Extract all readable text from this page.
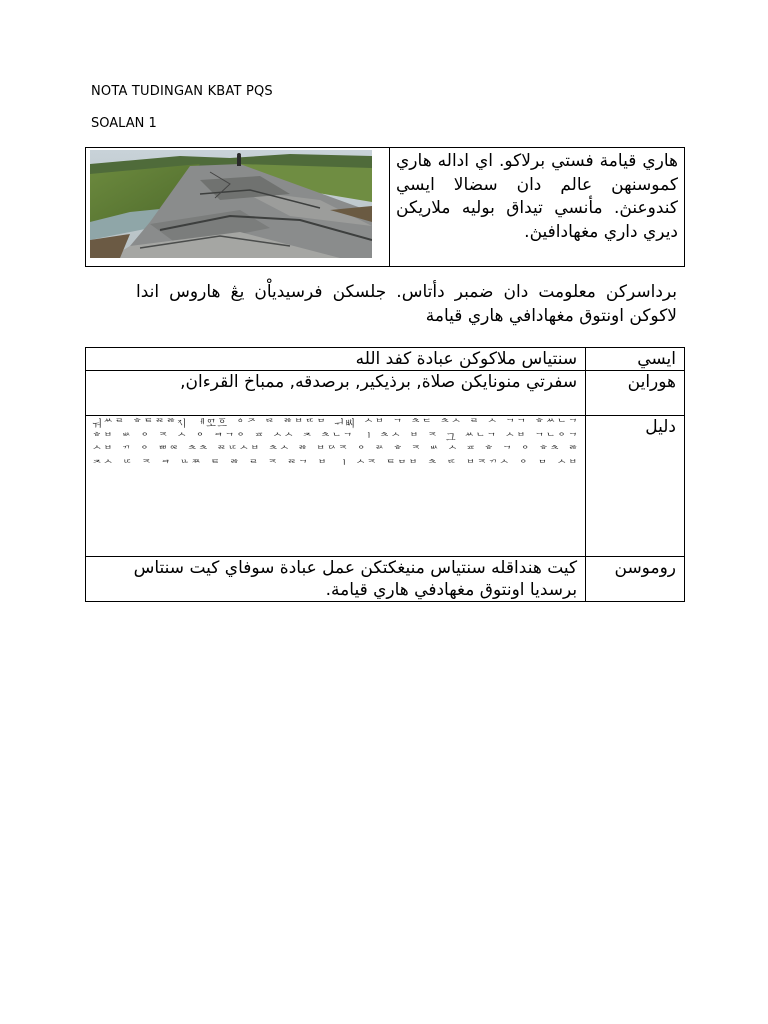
NOTA TUDINGAN KBAT PQS
SOALAN 1
	هاري قيامة فستي برلاكو. اي اداله هاري كموسنهن عالم دان سضالا ايسي كندوعنڽ. مأنسي تيداق بوليه ملاريكن ديري داري مغهادافيڽ.
برداسركن معلومت دان ضمبر دأتاس. جلسكن فرسيدياْن يڠ هاروس اندا لاكوكن اونتوق مغهادافي هاري قيامة
سنتياس ملاكوكن عبادة كفد الله	ايسي
سفرتي منونايكن صلاة, برذيكير, برصدقه, ممباخ القرءان,	هوراين

ㅝᄊᄅ ᄒᄐᄙᄚᅐᅵ ᅦᅁᅩᅙᅳ ᅌᅎ ᄃᄅ ᄚᄇᄄᄆ ᅱᄡᅵ ᄉᄇ ᄀ ᄎᄃ ᄎᄉ ᄅ ᄉ ᄀᄀ ᄒᄊᄂᄀ ᄒᄇ ᄡ ᄋ ᅐ ᄉ ᄋ ᄏᄀᄋ ᄑ ᄉᄉ ᄌ ᄎᄂᄀ ᅵ ᄎᄉ ᄇ ᅐ 그 ᄊᄂᄀ ᄉᄇ ᄀᄂᄋᄀ ᄉᄇ ᄁ ᄋ ᄈᄋᄅ ᄎᄎ ᄙᄕᄉᄇ ᄎᄉ ᄚ ᄇᄃᄉᅐ ᄋ ᄅᄉ ᄒ ᅐ ᄡ ᄉ ᄑ ᄒ ᄀ ᄋ ᄒᄎ ᄚ ᄌᄉ ᄕ ᅐ ᄏ ᄔᄍ ᄐ ᄚ ᄅ ᅐ ᄙᄀ ᄇ ᅵ ᄉᅐ ᄐᄆᄇ ᄎ ᄄ ᄇᅐᄁᄉ ᄋ ᄆ ᄉᄇ	دليل
كيت هنداقله سنتياس منيغكتكن عمل عبادة سوفاي كيت سنتاس برسديا اونتوق مغهادفي هاري قيامة.	روموسن
